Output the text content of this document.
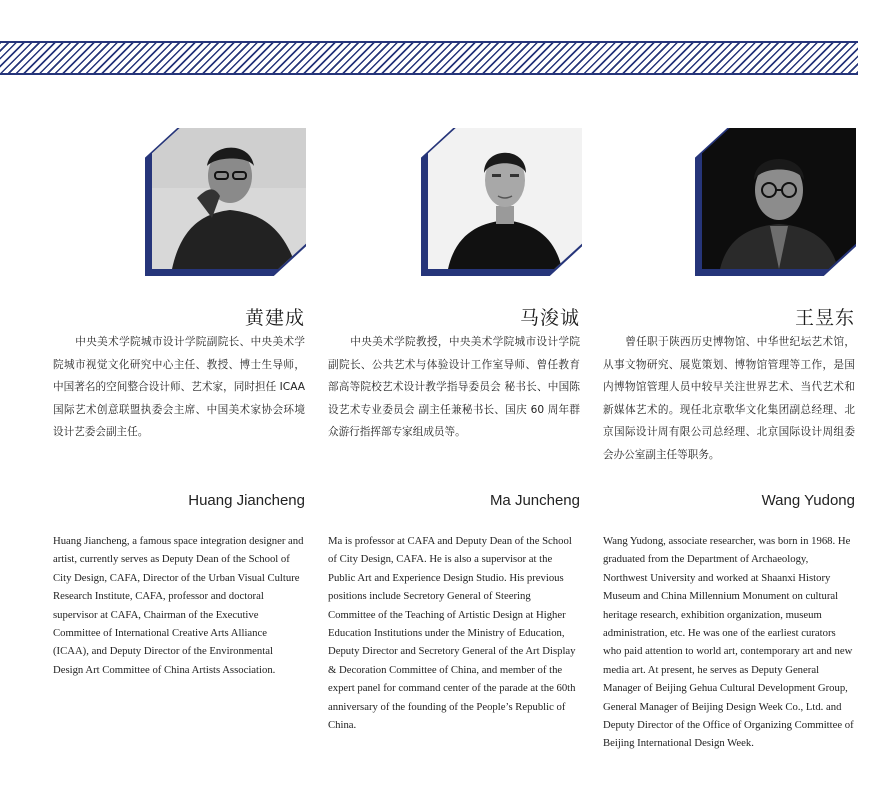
黄建成
中央美术学院城市设计学院副院长、中央美术学院城市视觉文化研究中心主任、教授、博士生导师，中国著名的空间整合设计师、艺术家，同时担任 ICAA 国际艺术创意联盟执委会主席、中国美术家协会环境设计艺委会副主任。
Huang Jiancheng
Huang Jiancheng, a famous space integration designer and artist, currently serves as Deputy Dean of the School of City Design, CAFA, Director of the Urban Visual Culture Research Institute, CAFA, professor and doctoral supervisor at CAFA, Chairman of the Executive Committee of International Creative Arts Alliance (ICAA), and Deputy Director of the Environmental Design Art Committee of China Artists Association.
马浚诚
中央美术学院教授，中央美术学院城市设计学院副院长、公共艺术与体验设计工作室导师、曾任教育部高等院校艺术设计教学指导委员会 秘书长、中国陈设艺术专业委员会 副主任兼秘书长、国庆 60 周年群众游行指挥部专家组成员等。
Ma Juncheng
Ma is professor at CAFA and Deputy Dean of the School of City Design, CAFA. He is also a supervisor at the Public Art and Experience Design Studio. His previous positions include Secretory General of Steering Committee of the Teaching of Artistic Design at Higher Education Institutions under the Ministry of Education, Deputy Director and Secretory General of the Art Display & Decoration Committee of China, and member of the expert panel for command center of the parade at the 60th anniversary of the founding of the People’s Republic of China.
王昱东
曾任职于陕西历史博物馆、中华世纪坛艺术馆，从事文物研究、展览策划、博物馆管理等工作，是国内博物馆管理人员中较早关注世界艺术、当代艺术和新媒体艺术的。现任北京歌华文化集团副总经理、北京国际设计周有限公司总经理、北京国际设计周组委会办公室副主任等职务。
Wang Yudong
Wang Yudong, associate researcher, was born in 1968. He graduated from the Department of Archaeology, Northwest University and worked at Shaanxi History Museum and China Millennium Monument on cultural heritage research, exhibition organization, museum administration, etc. He was one of the earliest curators who paid attention to world art, contemporary art and new media art. At present, he serves as Deputy General Manager of Beijing Gehua Cultural Development Group, General Manager of Beijing Design Week Co., Ltd. and Deputy Director of the Office of Organizing Committee of Beijing International Design Week.
